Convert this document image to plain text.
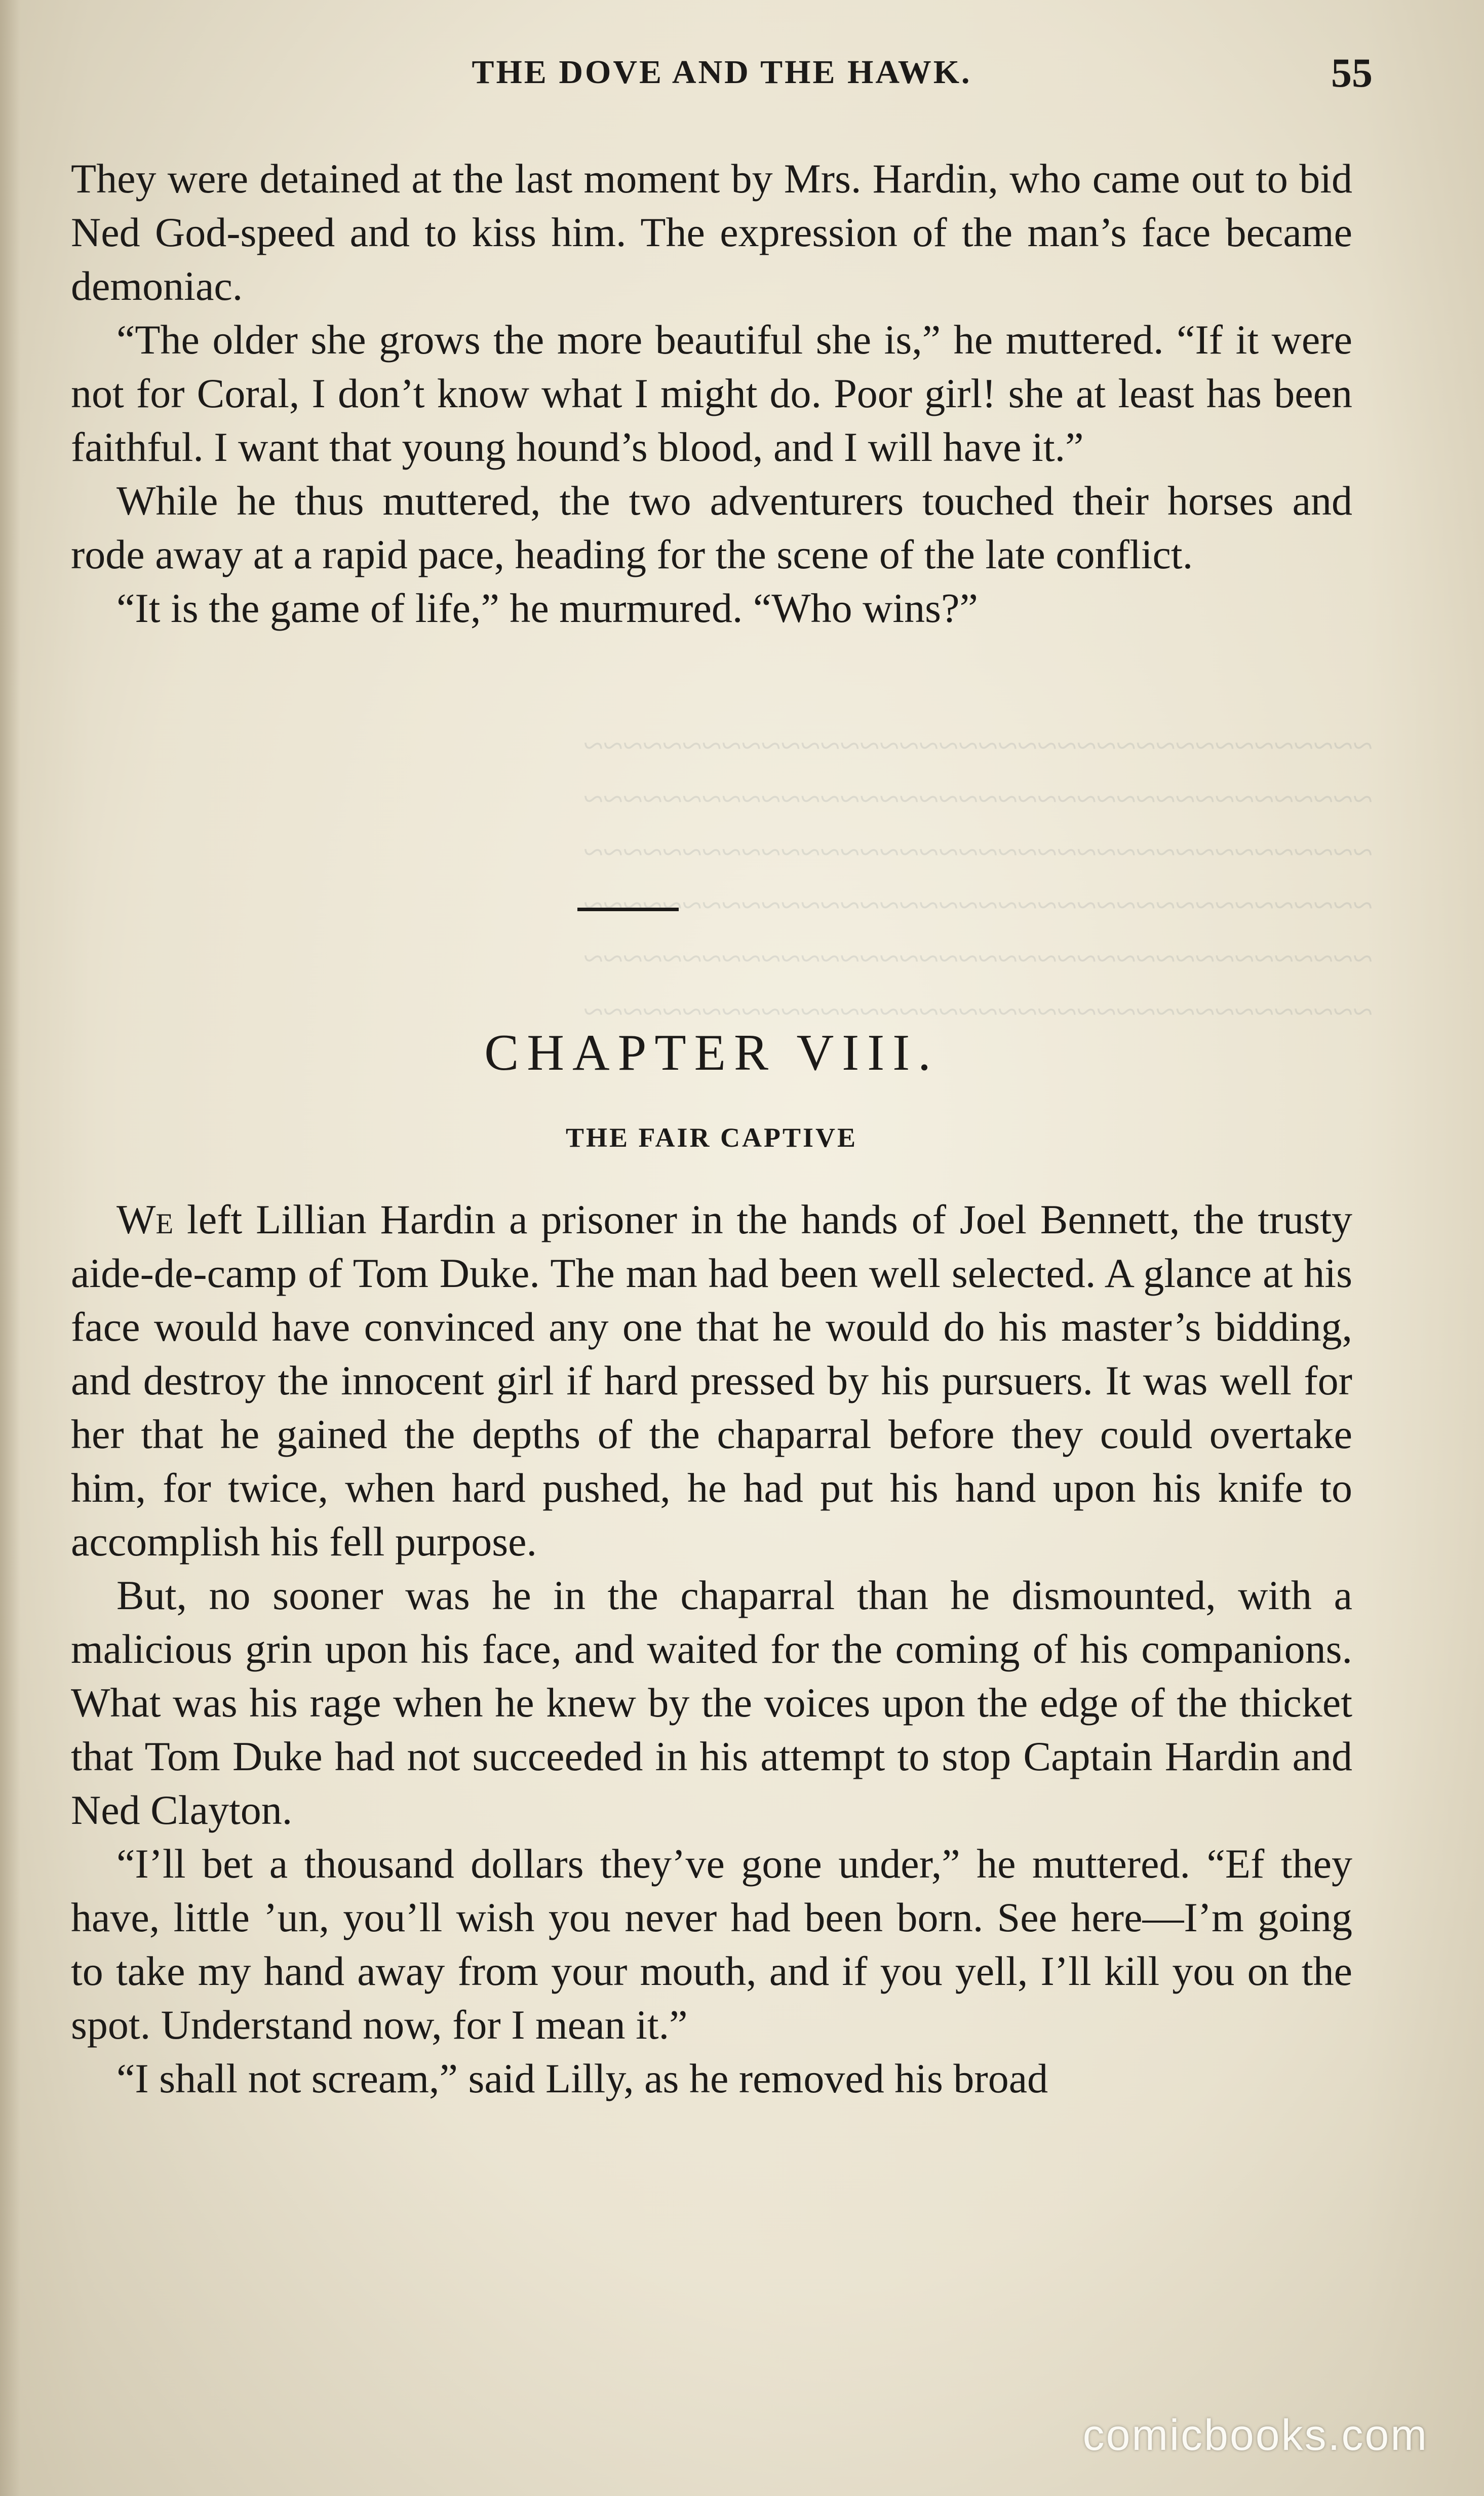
~~~~~~~~~~~~~~~~~~~~~~~~~~~~~~~~~~~~~~~~
~~~~~~~~~~~~~~~~~~~~~~~~~~~~~~~~~~~~~~~~
~~~~~~~~~~~~~~~~~~~~~~~~~~~~~~~~~~~~~~~~
~~~~~~~~~~~~~~~~~~~~~~~~~~~~~~~~~~~~~~~~
~~~~~~~~~~~~~~~~~~~~~~~~~~~~~~~~~~~~~~~~
~~~~~~~~~~~~~~~~~~~~~~~~~~~~~~~~~~~~~~~~
THE DOVE AND THE HAWK.	55

They were detained at the last moment by Mrs. Hardin, who came out to bid Ned God-speed and to kiss him. The expression of the man’s face became demoniac.

“The older she grows the more beautiful she is,” he muttered. “If it were not for Coral, I don’t know what I might do. Poor girl! she at least has been faithful. I want that young hound’s blood, and I will have it.”

While he thus muttered, the two adventurers touched their horses and rode away at a rapid pace, heading for the scene of the late conflict.

“It is the game of life,” he murmured. “Who wins?”

CHAPTER VIII.
THE FAIR CAPTIVE

We left Lillian Hardin a prisoner in the hands of Joel Bennett, the trusty aide-de-camp of Tom Duke. The man had been well selected. A glance at his face would have convinced any one that he would do his master’s bidding, and destroy the innocent girl if hard pressed by his pursuers. It was well for her that he gained the depths of the chaparral before they could overtake him, for twice, when hard pushed, he had put his hand upon his knife to accomplish his fell purpose.

But, no sooner was he in the chaparral than he dismounted, with a malicious grin upon his face, and waited for the coming of his companions. What was his rage when he knew by the voices upon the edge of the thicket that Tom Duke had not succeeded in his attempt to stop Captain Hardin and Ned Clayton.

“I’ll bet a thousand dollars they’ve gone under,” he muttered. “Ef they have, little ’un, you’ll wish you never had been born. See here—I’m going to take my hand away from your mouth, and if you yell, I’ll kill you on the spot. Understand now, for I mean it.”

“I shall not scream,” said Lilly, as he removed his broad

comicbooks.com
